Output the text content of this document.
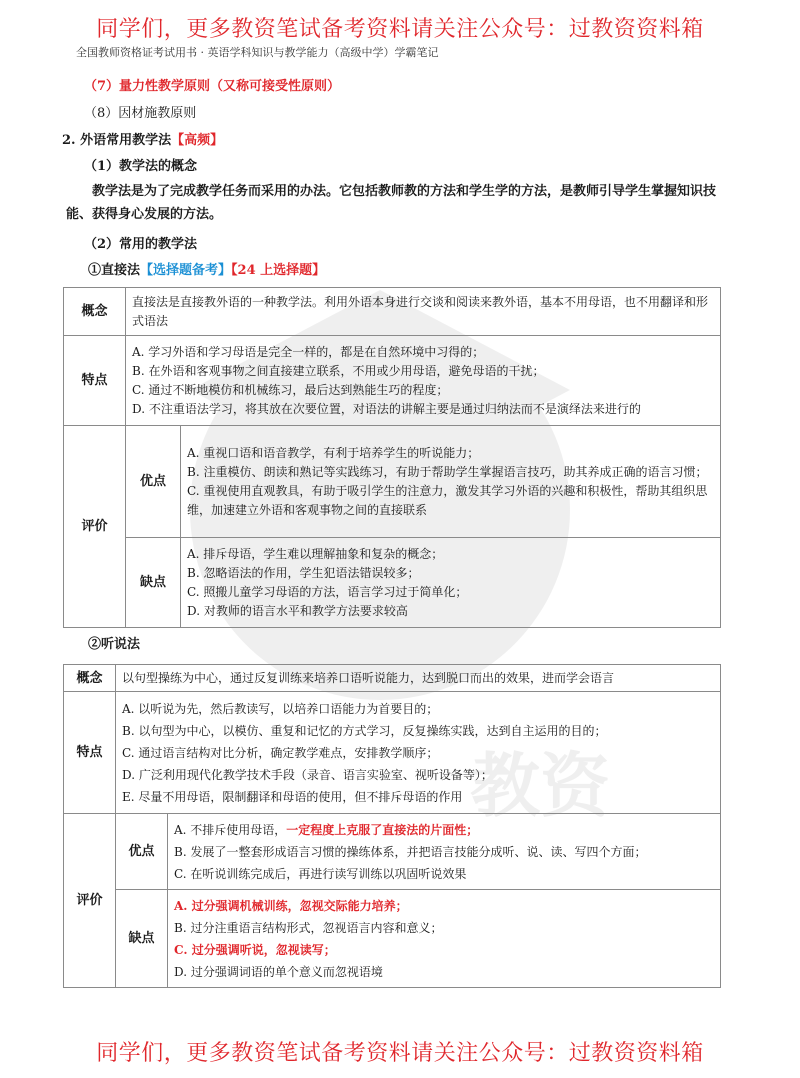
同学们，更多教资笔试备考资料请关注公众号：过教资资料箱
全国教师资格证考试用书 · 英语学科知识与教学能力（高级中学）学霸笔记
教资
（7）量力性教学原则（又称可接受性原则）
（8）因材施教原则
2. 外语常用教学法【高频】
（1）教学法的概念
教学法是为了完成教学任务而采用的办法。它包括教师教的方法和学生学的方法，是教师引导学生掌握知识技能、获得身心发展的方法。
（2）常用的教学法
①直接法【选择题备考】【24 上选择题】
概念	直接法是直接教外语的一种教学法。利用外语本身进行交谈和阅读来教外语，基本不用母语，也不用翻译和形式语法	
特点	A. 学习外语和学习母语是完全一样的，都是在自然环境中习得的；
B. 在外语和客观事物之间直接建立联系，不用或少用母语，避免母语的干扰；
C. 通过不断地模仿和机械练习，最后达到熟能生巧的程度；
D. 不注重语法学习，将其放在次要位置，对语法的讲解主要是通过归纳法而不是演绎法来进行的	

评价	优点	A. 重视口语和语音教学，有利于培养学生的听说能力；
B. 注重模仿、朗读和熟记等实践练习，有助于帮助学生掌握语言技巧，助其养成正确的语言习惯；
C. 重视使用直观教具，有助于吸引学生的注意力，激发其学习外语的兴趣和积极性，帮助其组织思维，加速建立外语和客观事物之间的直接联系

	缺点	A. 排斥母语，学生难以理解抽象和复杂的概念；
B. 忽略语法的作用，学生犯语法错误较多；
C. 照搬儿童学习母语的方法，语言学习过于简单化；
D. 对教师的语言水平和教学方法要求较高
②听说法
概念	以句型操练为中心，通过反复训练来培养口语听说能力，达到脱口而出的效果，进而学会语言	
特点	A. 以听说为先，然后教读写，以培养口语能力为首要目的；
B. 以句型为中心，以模仿、重复和记忆的方式学习，反复操练实践，达到自主运用的目的；
C. 通过语言结构对比分析，确定教学难点，安排教学顺序；
D. 广泛利用现代化教学技术手段（录音、语言实验室、视听设备等）；
E. 尽量不用母语，限制翻译和母语的使用，但不排斥母语的作用	

评价	优点	A. 不排斥使用母语，一定程度上克服了直接法的片面性；
B. 发展了一整套形成语言习惯的操练体系，并把语言技能分成听、说、读、写四个方面；
C. 在听说训练完成后，再进行读写训练以巩固听说效果

	缺点	A. 过分强调机械训练，忽视交际能力培养；
B. 过分注重语言结构形式，忽视语言内容和意义；
C. 过分强调听说，忽视读写；
D. 过分强调词语的单个意义而忽视语境
同学们，更多教资笔试备考资料请关注公众号：过教资资料箱
